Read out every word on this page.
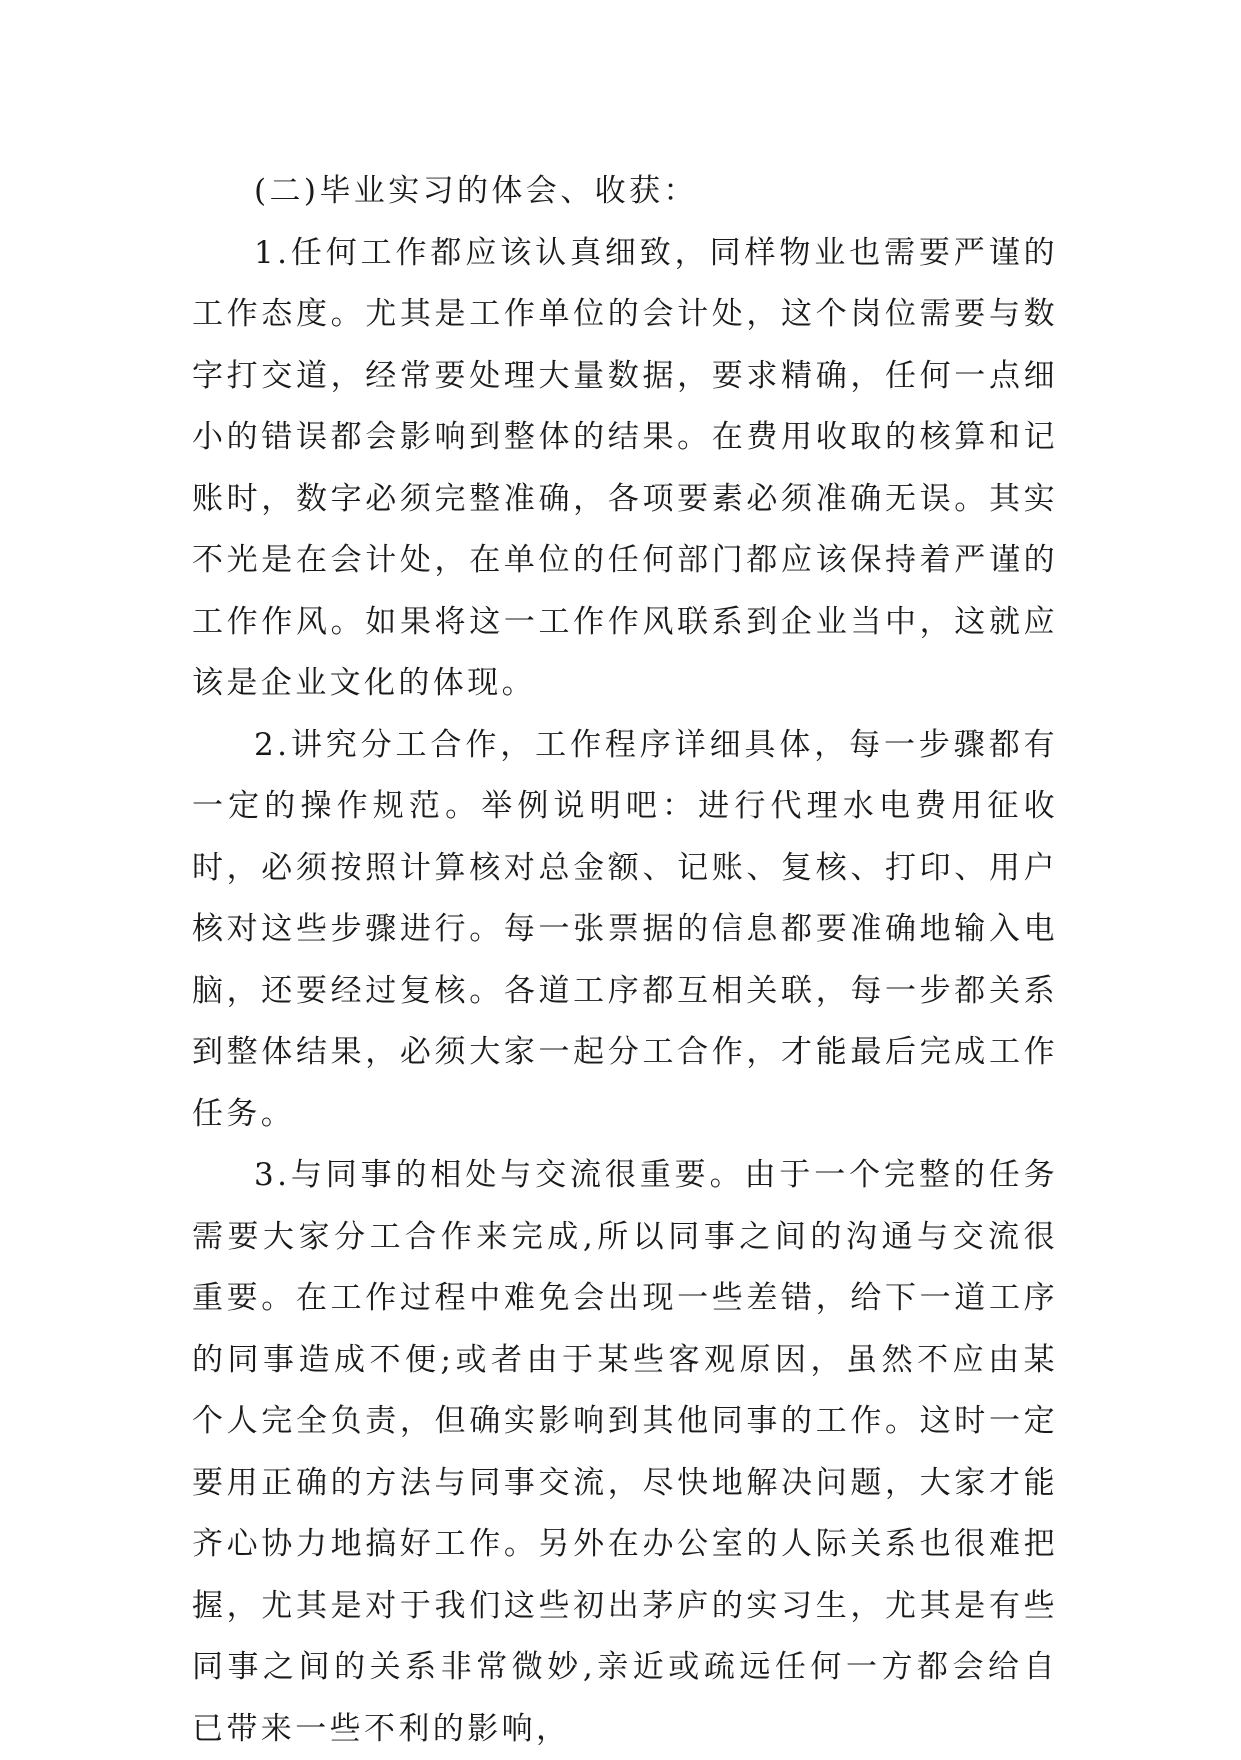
(二)毕业实习的体会、收获：

1.任何工作都应该认真细致，同样物业也需要严谨的工作态度。尤其是工作单位的会计处，这个岗位需要与数字打交道，经常要处理大量数据，要求精确，任何一点细小的错误都会影响到整体的结果。在费用收取的核算和记账时，数字必须完整准确，各项要素必须准确无误。其实不光是在会计处，在单位的任何部门都应该保持着严谨的工作作风。如果将这一工作作风联系到企业当中，这就应该是企业文化的体现。

2.讲究分工合作，工作程序详细具体，每一步骤都有一定的操作规范。举例说明吧：进行代理水电费用征收时，必须按照计算核对总金额、记账、复核、打印、用户核对这些步骤进行。每一张票据的信息都要准确地输入电脑，还要经过复核。各道工序都互相关联，每一步都关系到整体结果，必须大家一起分工合作，才能最后完成工作任务。

3.与同事的相处与交流很重要。由于一个完整的任务需要大家分工合作来完成,所以同事之间的沟通与交流很重要。在工作过程中难免会出现一些差错，给下一道工序的同事造成不便;或者由于某些客观原因，虽然不应由某个人完全负责，但确实影响到其他同事的工作。这时一定要用正确的方法与同事交流，尽快地解决问题，大家才能齐心协力地搞好工作。另外在办公室的人际关系也很难把握，尤其是对于我们这些初出茅庐的实习生，尤其是有些同事之间的关系非常微妙,亲近或疏远任何一方都会给自已带来一些不利的影响，
